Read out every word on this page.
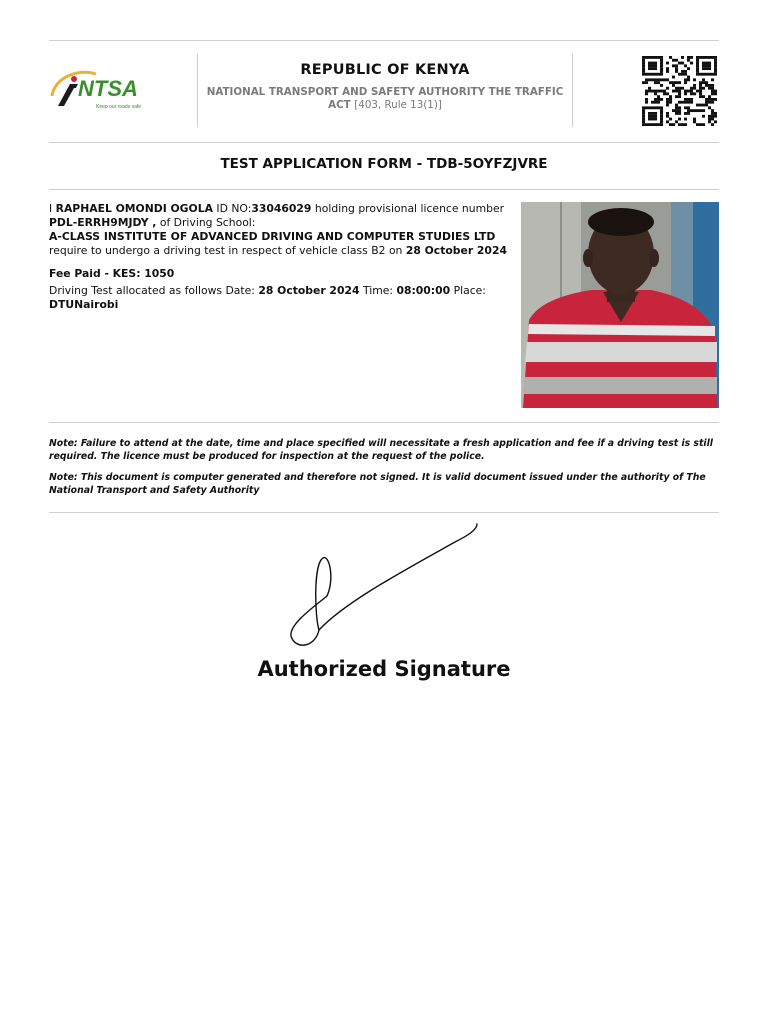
NTSA
Keep our roads safe
REPUBLIC OF KENYA
NATIONAL TRANSPORT AND SAFETY AUTHORITY THE TRAFFIC ACT [403, Rule 13(1)]
TEST APPLICATION FORM - TDB-5OYFZJVRE
I RAPHAEL OMONDI OGOLA ID NO:33046029 holding provisional licence number PDL-ERRH9MJDY , of Driving School:
A-CLASS INSTITUTE OF ADVANCED DRIVING AND COMPUTER STUDIES LTD
require to undergo a driving test in respect of vehicle class B2 on 28 October 2024
Fee Paid - KES: 1050
Driving Test allocated as follows Date: 28 October 2024 Time: 08:00:00 Place:
DTUNairobi

Note: Failure to attend at the date, time and place specified will necessitate a fresh application and fee if a driving test is still required. The licence must be produced for inspection at the request of the police.

Note: This document is computer generated and therefore not signed. It is valid document issued under the authority of The National Transport and Safety Authority

Authorized Signature
